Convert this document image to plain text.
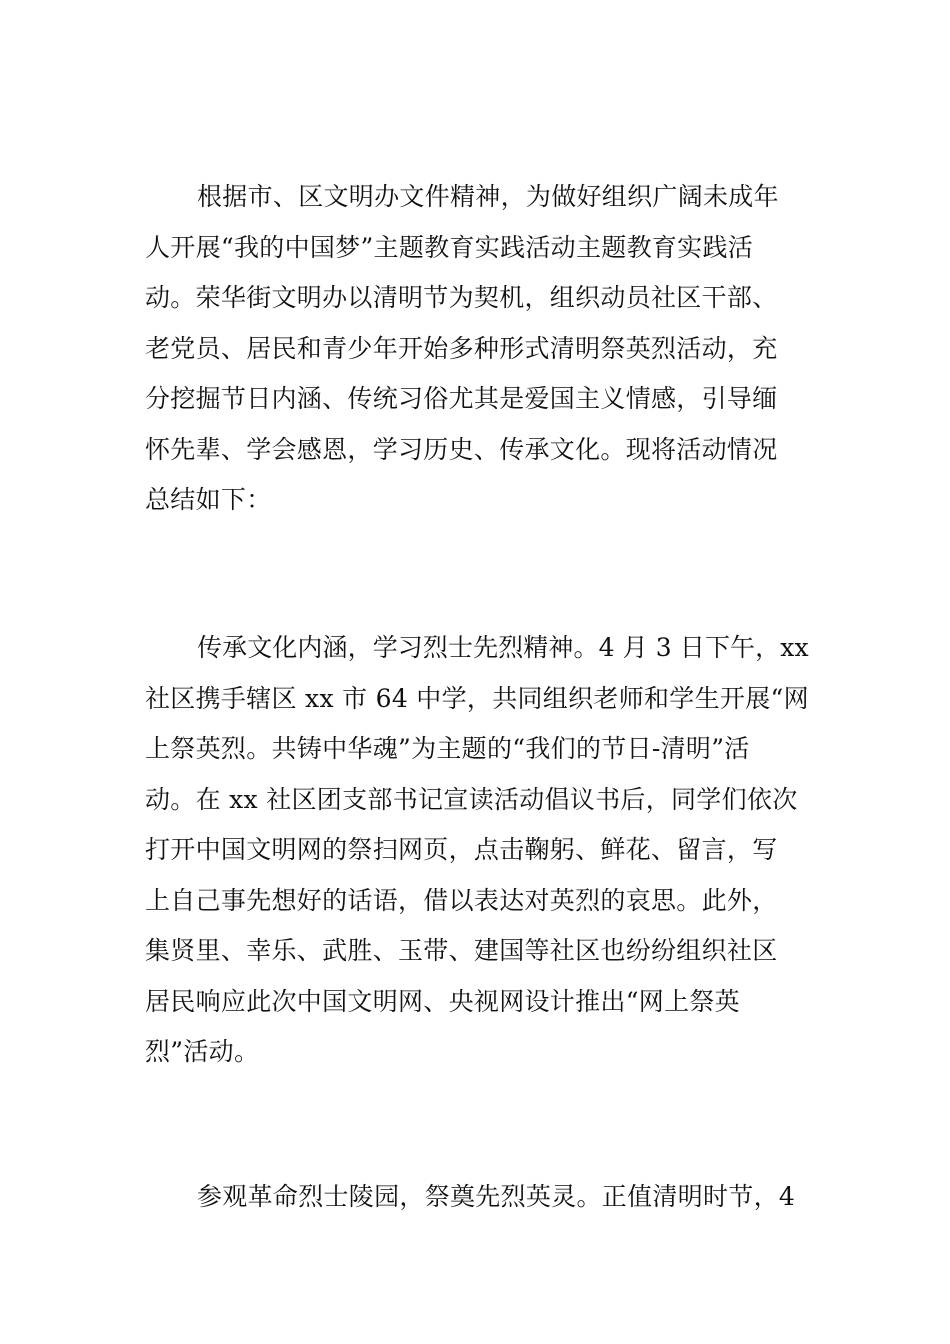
根据市、区文明办文件精神，为做好组织广阔未成年
人开展“我的中国梦”主题教育实践活动主题教育实践活
动。荣华街文明办以清明节为契机，组织动员社区干部、
老党员、居民和青少年开始多种形式清明祭英烈活动，充
分挖掘节日内涵、传统习俗尤其是爱国主义情感，引导缅
怀先辈、学会感恩，学习历史、传承文化。现将活动情况
总结如下：
传承文化内涵，学习烈士先烈精神。4 月 3 日下午，xx
社区携手辖区 xx 市 64 中学，共同组织老师和学生开展“网
上祭英烈。共铸中华魂”为主题的“我们的节日-清明”活
动。在 xx 社区团支部书记宣读活动倡议书后，同学们依次
打开中国文明网的祭扫网页，点击鞠躬、鲜花、留言，写
上自己事先想好的话语，借以表达对英烈的哀思。此外，
集贤里、幸乐、武胜、玉带、建国等社区也纷纷组织社区
居民响应此次中国文明网、央视网设计推出“网上祭英
烈”活动。
参观革命烈士陵园，祭奠先烈英灵。正值清明时节，4
